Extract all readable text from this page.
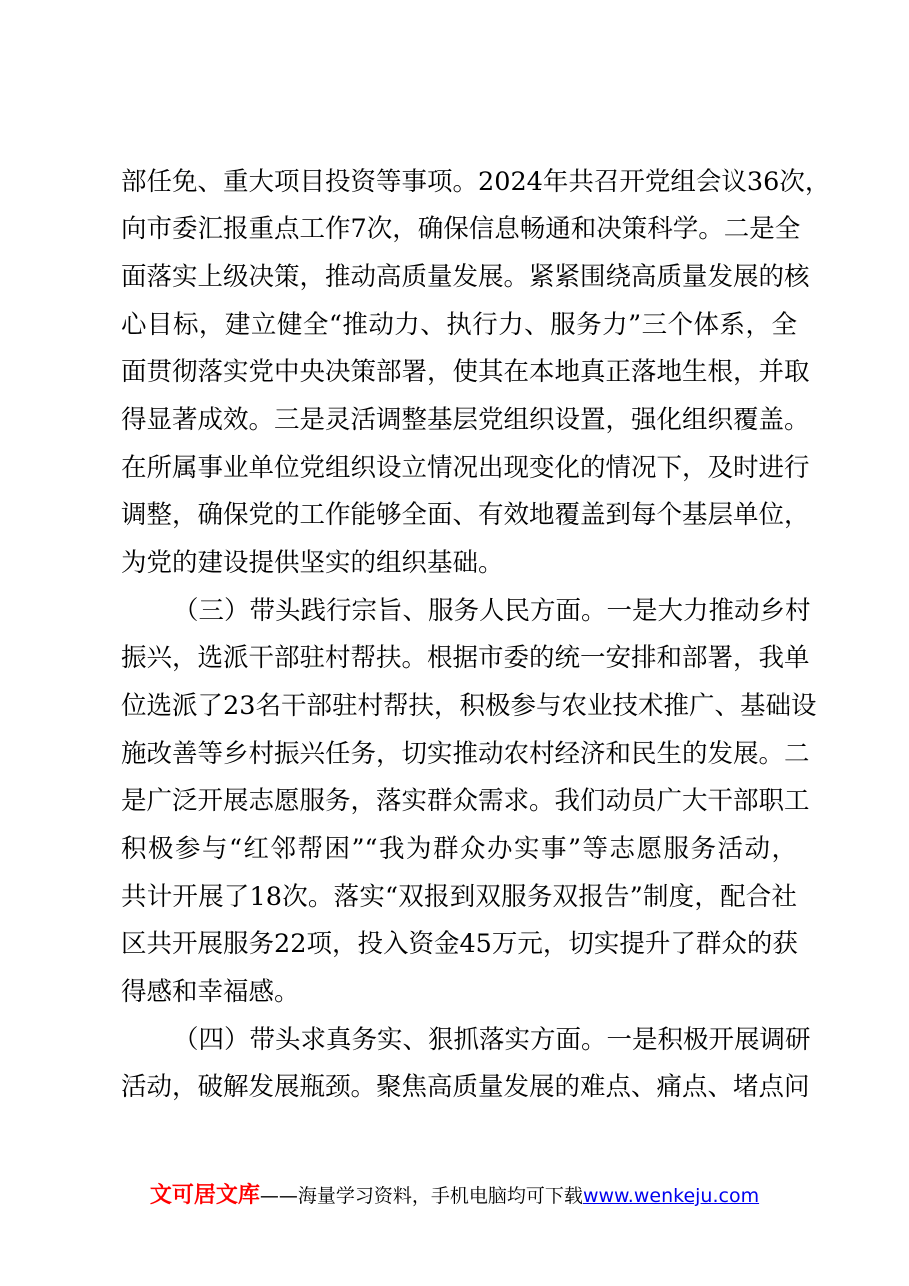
部任免、重大项目投资等事项。2024年共召开党组会议36次，
向市委汇报重点工作7次，确保信息畅通和决策科学。二是全
面落实上级决策，推动高质量发展。紧紧围绕高质量发展的核
心目标，建立健全“推动力、执行力、服务力”三个体系，全
面贯彻落实党中央决策部署，使其在本地真正落地生根，并取
得显著成效。三是灵活调整基层党组织设置，强化组织覆盖。
在所属事业单位党组织设立情况出现变化的情况下，及时进行
调整，确保党的工作能够全面、有效地覆盖到每个基层单位，
为党的建设提供坚实的组织基础。
（三）带头践行宗旨、服务人民方面。一是大力推动乡村
振兴，选派干部驻村帮扶。根据市委的统一安排和部署，我单
位选派了23名干部驻村帮扶，积极参与农业技术推广、基础设
施改善等乡村振兴任务，切实推动农村经济和民生的发展。二
是广泛开展志愿服务，落实群众需求。我们动员广大干部职工
积极参与“红邻帮困”“我为群众办实事”等志愿服务活动，
共计开展了18次。落实“双报到双服务双报告”制度，配合社
区共开展服务22项，投入资金45万元，切实提升了群众的获
得感和幸福感。
（四）带头求真务实、狠抓落实方面。一是积极开展调研
活动，破解发展瓶颈。聚焦高质量发展的难点、痛点、堵点问
文可居文库——海量学习资料，手机电脑均可下载www.wenkeju.com
